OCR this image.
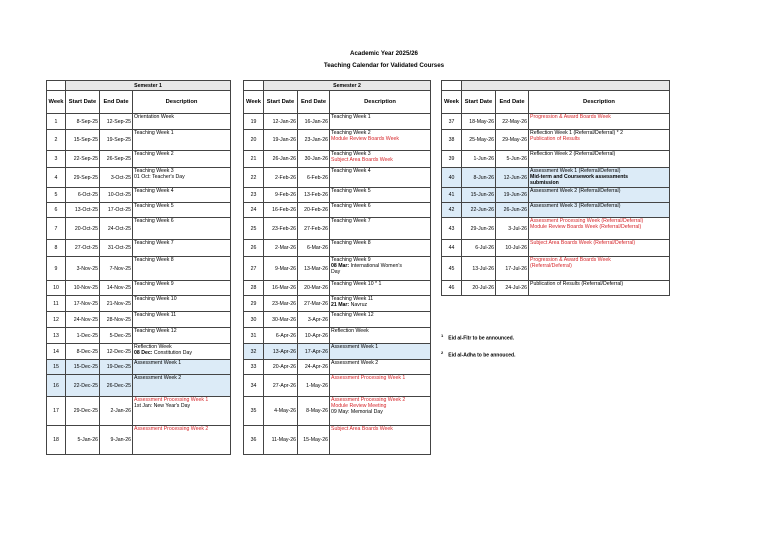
Academic Year 2025/26
Teaching Calendar for Validated Courses
	Semester 1		
Week	Start Date	End Date	Description
1	8-Sep-25	12-Sep-25	Orientation Week

2	15-Sep-25	19-Sep-25	Teaching Week 1

3	22-Sep-25	26-Sep-25	Teaching Week 2

4	29-Sep-25	3-Oct-25	Teaching Week 3
01 Oct: Teacher's Day

5	6-Oct-25	10-Oct-25	Teaching Week 4

6	13-Oct-25	17-Oct-25	Teaching Week 5

7	20-Oct-25	24-Oct-25	Teaching Week 6

8	27-Oct-25	31-Oct-25	Teaching Week 7

9	3-Nov-25	7-Nov-25	Teaching Week 8

10	10-Nov-25	14-Nov-25	Teaching Week 9

11	17-Nov-25	21-Nov-25	Teaching Week 10

12	24-Nov-25	28-Nov-25	Teaching Week 11

13	1-Dec-25	5-Dec-25	Teaching Week 12

14	8-Dec-25	12-Dec-25	Reflection Week
08 Dec: Constitution Day

15	15-Dec-25	19-Dec-25	Assessment Week 1

16	22-Dec-25	26-Dec-25	Assessment Week 2

17	29-Dec-25	2-Jan-26	Assessment Processing Week 1
1st Jan: New Year's Day

18	5-Jan-26	9-Jan-26	Assessment Processing Week 2
	Semester 2		
Week	Start Date	End Date	Description
19	12-Jan-26	16-Jan-26	Teaching Week 1

20	19-Jan-26	23-Jan-26	Teaching Week 2
Module Review Boards Week

21	26-Jan-26	30-Jan-26	Teaching Week 3
Subject Area Boards Week

22	2-Feb-26	6-Feb-26	Teaching Week 4

23	9-Feb-26	13-Feb-26	Teaching Week 5

24	16-Feb-26	20-Feb-26	Teaching Week 6

25	23-Feb-26	27-Feb-26	Teaching Week 7

26	2-Mar-26	6-Mar-26	Teaching Week 8

27	9-Mar-26	13-Mar-26	Teaching Week 9
08 Mar: International Women's
Day

28	16-Mar-26	20-Mar-26	Teaching Week 10 * 1

29	23-Mar-26	27-Mar-26	Teaching Week 11
21 Mar: Navruz

30	30-Mar-26	3-Apr-26	Teaching Week 12

31	6-Apr-26	10-Apr-26	Reflection Week

32	13-Apr-26	17-Apr-26	Assessment Week 1

33	20-Apr-26	24-Apr-26	Assessment Week 2

34	27-Apr-26	1-May-26	Assessment Processing Week 1

35	4-May-26	8-May-26	Assessment Processing Week 2
Module Review Meeting
09 May: Memorial Day

36	11-May-26	15-May-26	Subject Area Boards Week

Week	Start Date	End Date	Description
37	18-May-26	22-May-26	Progression & Award Boards Week

38	25-May-26	29-May-26	Reflection Week 1 (Referral/Deferral) * 2
Publication of Results

39	1-Jun-26	5-Jun-26	Reflection Week 2 (Referral/Deferral)

40	8-Jun-26	12-Jun-26	Assessment Week 1 (Referral/Deferral)
Mid-term and Coursework assessments
submission

41	15-Jun-26	19-Jun-26	Assessment Week 2 (Referral/Deferral)

42	22-Jun-26	26-Jun-26	Assessment Week 3 (Referral/Deferral)

43	29-Jun-26	3-Jul-26	Assessment Processing Week (Referral/Deferral)
Module Review Boards Week (Referral/Deferral)

44	6-Jul-26	10-Jul-26	Subject Area Boards Week (Referral/Deferral)

45	13-Jul-26	17-Jul-26	Progression & Award Boards Week
(Referral/Deferral)

46	20-Jul-26	24-Jul-26	Publication of Results (Referral/Deferral)
$^1$Eid al-Fitr to be announced.
$^2$Eid al-Adha to be annouced.
